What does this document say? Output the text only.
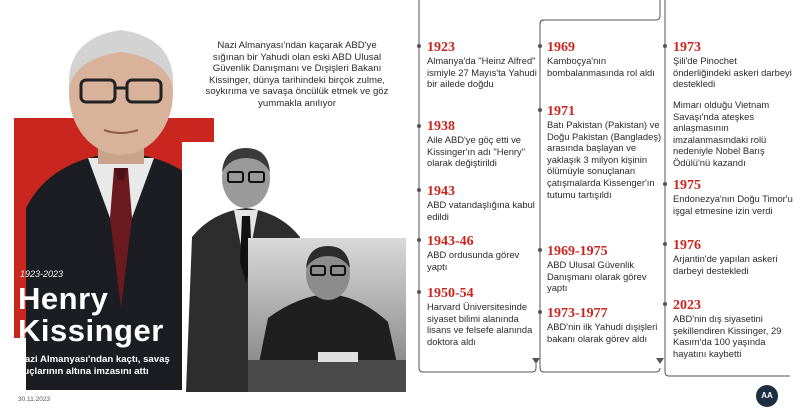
Nazi Almanyası'ndan kaçarak ABD'ye sığınan bir Yahudi olan eski ABD Ulusal Güvenlik Danışmanı ve Dışişleri Bakanı Kissinger, dünya tarihindeki birçok zulme, soykırıma ve savaşa öncülük etmek ve göz yummakla anılıyor
1923-2023
Henry
Kissinger
Nazi Almanyası'ndan kaçtı, savaş suçlarının altına imzasını attı
30.11.2023
1923
Almanya'da "Heinz Alfred" ismiyle 27 Mayıs'ta Yahudi bir ailede doğdu
1938
Aile ABD'ye göç etti ve Kissinger'ın adı "Henry" olarak değiştirildi
1943
ABD vatandaşlığına kabul edildi
1943-46
ABD ordusunda görev yaptı
1950-54
Harvard Üniversitesinde siyaset bilimi alanında lisans ve felsefe alanında doktora aldı
1969
Kamboçya'nın bombalanmasında rol aldı
1971
Batı Pakistan (Pakistan) ve Doğu Pakistan (Bangladeş) arasında başlayan ve yaklaşık 3 milyon kişinin ölümüyle sonuçlanan çatışmalarda Kissenger'ın tutumu tartışıldı
1969-1975
ABD Ulusal Güvenlik Danışmanı olarak görev yaptı
1973-1977
ABD'nin ilk Yahudi dışişleri bakanı olarak görev aldı
1973
Şili'de Pinochet önderliğindeki askeri darbeyi destekledi
Mimarı olduğu Vietnam Savaşı'nda ateşkes anlaşmasının imzalanmasındaki rolü nedeniyle Nobel Barış Ödülü'nü kazandı
1975
Endonezya'nın Doğu Timor'u işgal etmesine izin verdi
1976
Arjantin'de yapılan askeri darbeyi destekledi
2023
ABD'nin dış siyasetini şekillendiren Kissinger, 29 Kasım'da 100 yaşında hayatını kaybetti
AA
